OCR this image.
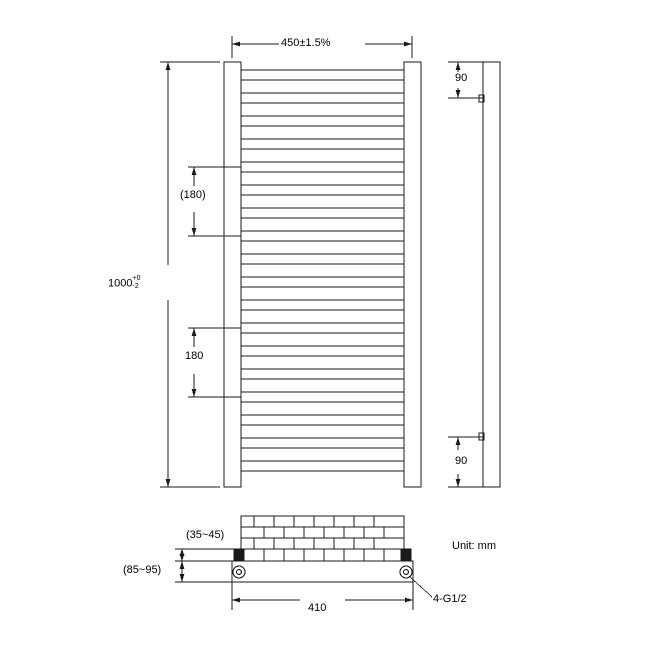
450±1.5%
1000 +0
-2
(180)
180
90
90
(35~45)
(85~95)
410
4-G1/2
Unit: mm
